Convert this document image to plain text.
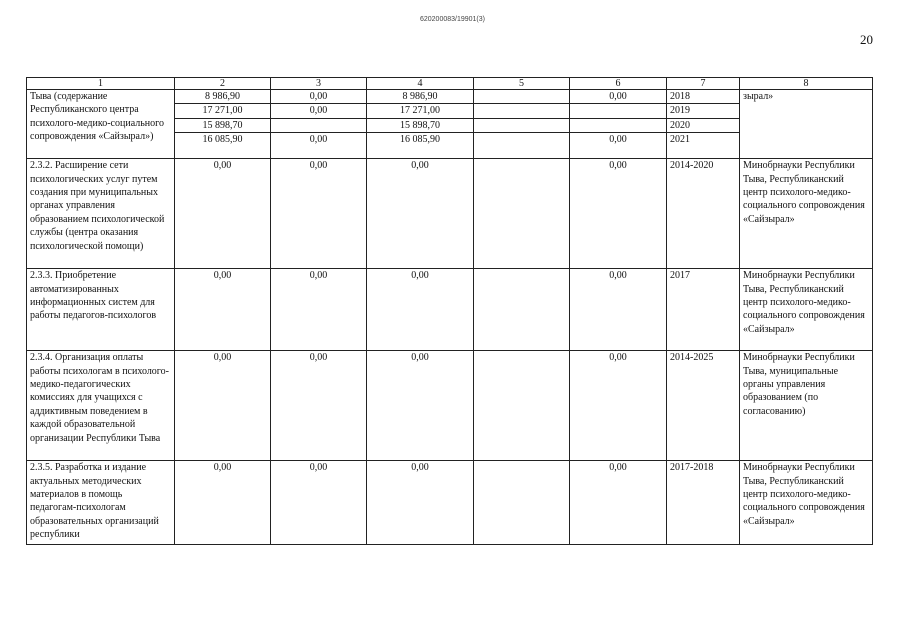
620200083/19901(3)
20
1	2	3	4	5	6	7	8
Тыва (содержание Республиканского центра психолого-медико-социального сопровождения «Сайзырал»)	8 986,90	0,00	8 986,90		0,00	2018	зырал»
	17 271,00	0,00	17 271,00			2019	
	15 898,70		15 898,70			2020	
	16 085,90	0,00	16 085,90		0,00	2021	
2.3.2. Расширение сети психологических услуг путем создания при муниципальных органах управления образованием психологической службы (центра оказания психологической помощи)	0,00	0,00	0,00		0,00	2014-2020	Минобрнауки Республики Тыва, Республиканский центр психолого-медико-социального сопровождения «Сайзырал»
2.3.3. Приобретение автоматизированных информационных систем для работы педагогов-психологов	0,00	0,00	0,00		0,00	2017	Минобрнауки Республики Тыва, Республиканский центр психолого-медико-социального сопровождения «Сайзырал»
2.3.4. Организация оплаты работы психологам в психолого-медико-педагогических комиссиях для учащихся с аддиктивным поведением в каждой образовательной организации Республики Тыва	0,00	0,00	0,00		0,00	2014-2025	Минобрнауки Республики Тыва, муниципальные органы управления образованием (по согласованию)
2.3.5. Разработка и издание актуальных методических материалов в помощь педагогам-психологам образовательных организаций республики	0,00	0,00	0,00		0,00	2017-2018	Минобрнауки Республики Тыва, Республиканский центр психолого-медико-социального сопровождения «Сайзырал»
